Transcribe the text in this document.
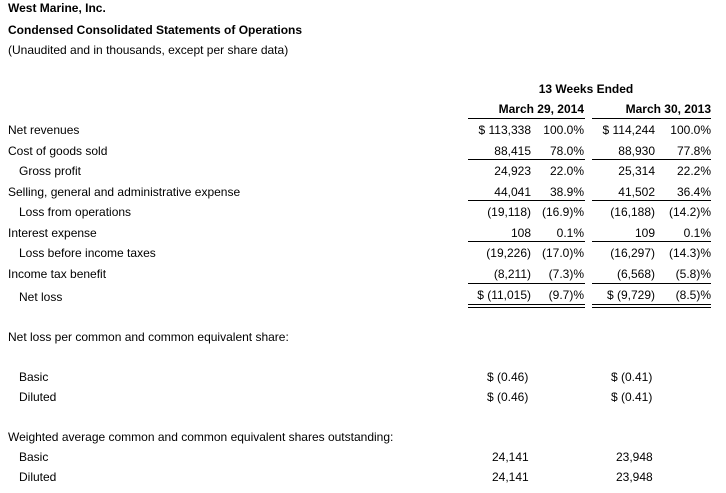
West Marine, Inc.
Condensed Consolidated Statements of Operations
(Unaudited and in thousands, except per share data)
13 Weeks Ended
March 29, 2014	March 30, 2013
Net revenues	$ 113,338	100.0%	$ 114,244	100.0%
Cost of goods sold	88,415	78.0%	88,930	77.8%
Gross profit	24,923	22.0%	25,314	22.2%
Selling, general and administrative expense	44,041	38.9%	41,502	36.4%
Loss from operations	(19,118) (16.9)%	(16,188)	(14.2)%
Interest expense	108	0.1%	109	0.1%
Loss before income taxes	(19,226) (17.0)%	(16,297)	(14.3)%
Income tax benefit	(8,211)	(7.3)%	(6,568)	(5.8)%
Net loss	$ (11,015)	(9.7)%	$ (9,729)	(8.5)%
Net loss per common and common equivalent share:
Basic	$ (0.46)	$ (0.41)
Diluted	$ (0.46)	$ (0.41)
Weighted average common and common equivalent shares outstanding:
Basic	24,141	23,948
Diluted	24,141	23,948
